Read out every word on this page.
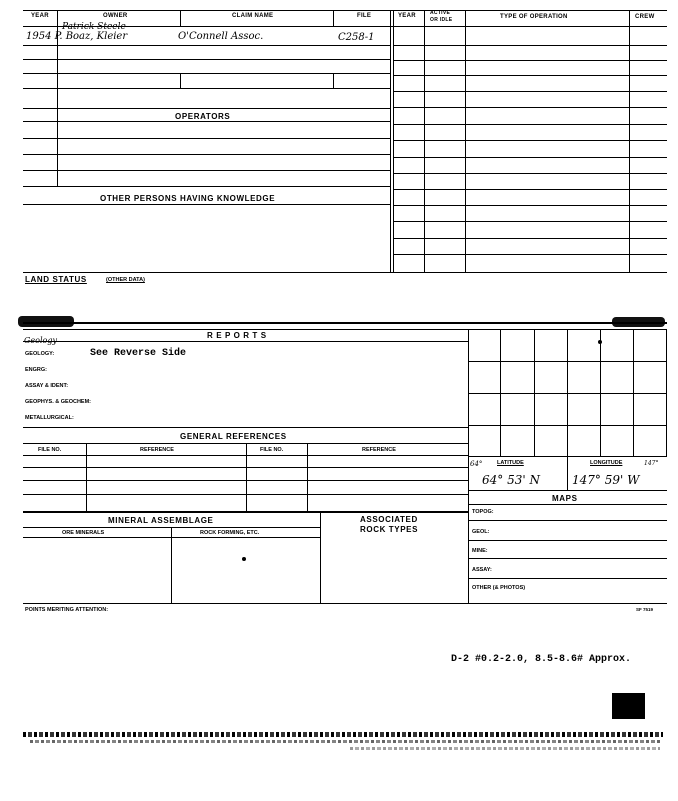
YEAR	OWNER	CLAIM NAME	FILE	YEAR	ACTIVE
OR IDLE	TYPE OF OPERATION	CREW
Patrick Steele
1954 P. Boaz, Kleier	O'Connell Assoc.	C258-1
OPERATORS
OTHER PERSONS HAVING KNOWLEDGE
LAND STATUS	(OTHER DATA)
R E P O R T S
Geology
GEOLOGY:	See Reverse Side
ENGRG:
ASSAY & IDENT:
GEOPHYS. & GEOCHEM:
METALLURGICAL:
GENERAL REFERENCES
FILE NO.	REFERENCE	FILE NO.	REFERENCE
MINERAL ASSEMBLAGE	ASSOCIATED
ROCK TYPES
ORE MINERALS	ROCK FORMING, ETC.
64°	LATITUDE	LONGITUDE	147°
64° 53' N	147° 59' W
MAPS
TOPOG:
GEOL:
MINE:
ASSAY:
OTHER (& PHOTOS)
POINTS MERITING ATTENTION:	SF 7519
D-2 #0.2-2.0, 8.5-8.6# Approx.
